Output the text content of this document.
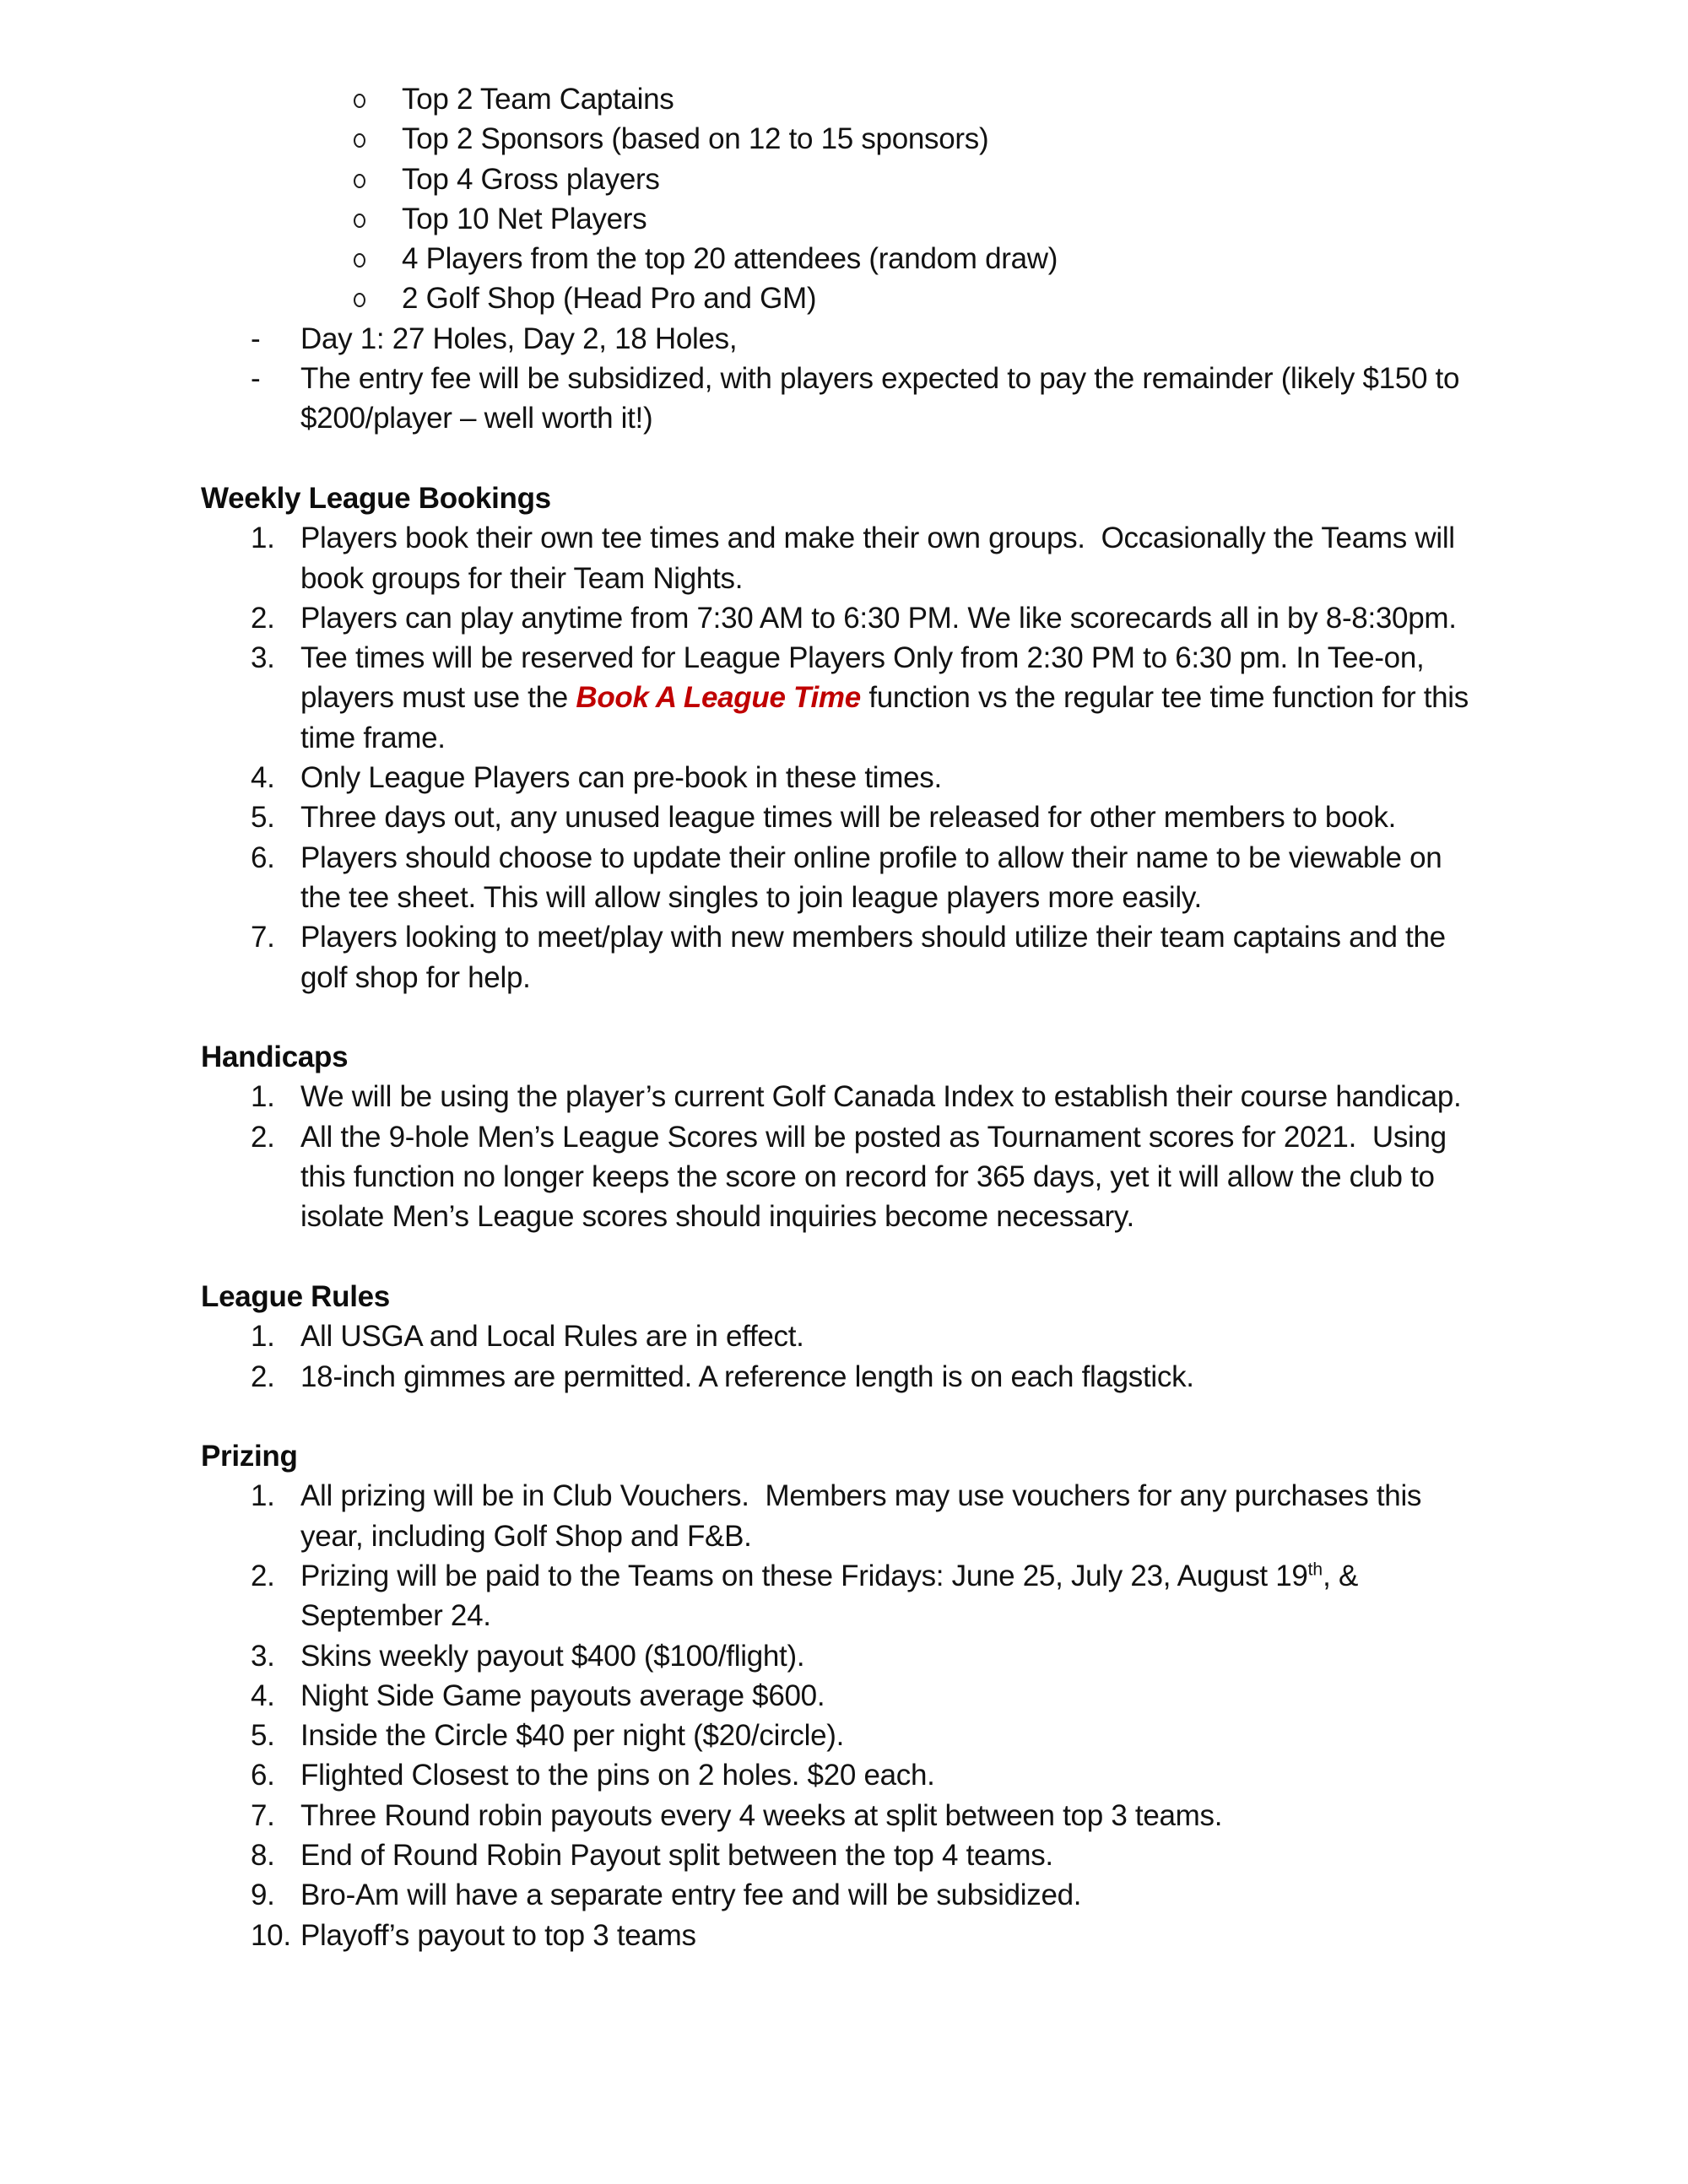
Top 2 Team Captains
Top 2 Sponsors (based on 12 to 15 sponsors)
Top 4 Gross players
Top 10 Net Players
4 Players from the top 20 attendees (random draw)
2 Golf Shop (Head Pro and GM)
- Day 1: 27 Holes, Day 2, 18 Holes,
- The entry fee will be subsidized, with players expected to pay the remainder (likely $150 to $200/player – well worth it!)
Weekly League Bookings
1. Players book their own tee times and make their own groups.  Occasionally the Teams will book groups for their Team Nights.
2. Players can play anytime from 7:30 AM to 6:30 PM. We like scorecards all in by 8-8:30pm.
3. Tee times will be reserved for League Players Only from 2:30 PM to 6:30 pm. In Tee-on, players must use the Book A League Time function vs the regular tee time function for this time frame.
4. Only League Players can pre-book in these times.
5. Three days out, any unused league times will be released for other members to book.
6. Players should choose to update their online profile to allow their name to be viewable on the tee sheet. This will allow singles to join league players more easily.
7. Players looking to meet/play with new members should utilize their team captains and the golf shop for help.
Handicaps
1. We will be using the player’s current Golf Canada Index to establish their course handicap.
2. All the 9-hole Men’s League Scores will be posted as Tournament scores for 2021.  Using this function no longer keeps the score on record for 365 days, yet it will allow the club to isolate Men’s League scores should inquiries become necessary.
League Rules
1. All USGA and Local Rules are in effect.
2. 18-inch gimmes are permitted. A reference length is on each flagstick.
Prizing
1. All prizing will be in Club Vouchers.  Members may use vouchers for any purchases this year, including Golf Shop and F&B.
2. Prizing will be paid to the Teams on these Fridays: June 25, July 23, August 19th, & September 24.
3. Skins weekly payout $400 ($100/flight).
4. Night Side Game payouts average $600.
5. Inside the Circle $40 per night ($20/circle).
6. Flighted Closest to the pins on 2 holes. $20 each.
7. Three Round robin payouts every 4 weeks at split between top 3 teams.
8. End of Round Robin Payout split between the top 4 teams.
9. Bro-Am will have a separate entry fee and will be subsidized.
10. Playoff’s payout to top 3 teams
